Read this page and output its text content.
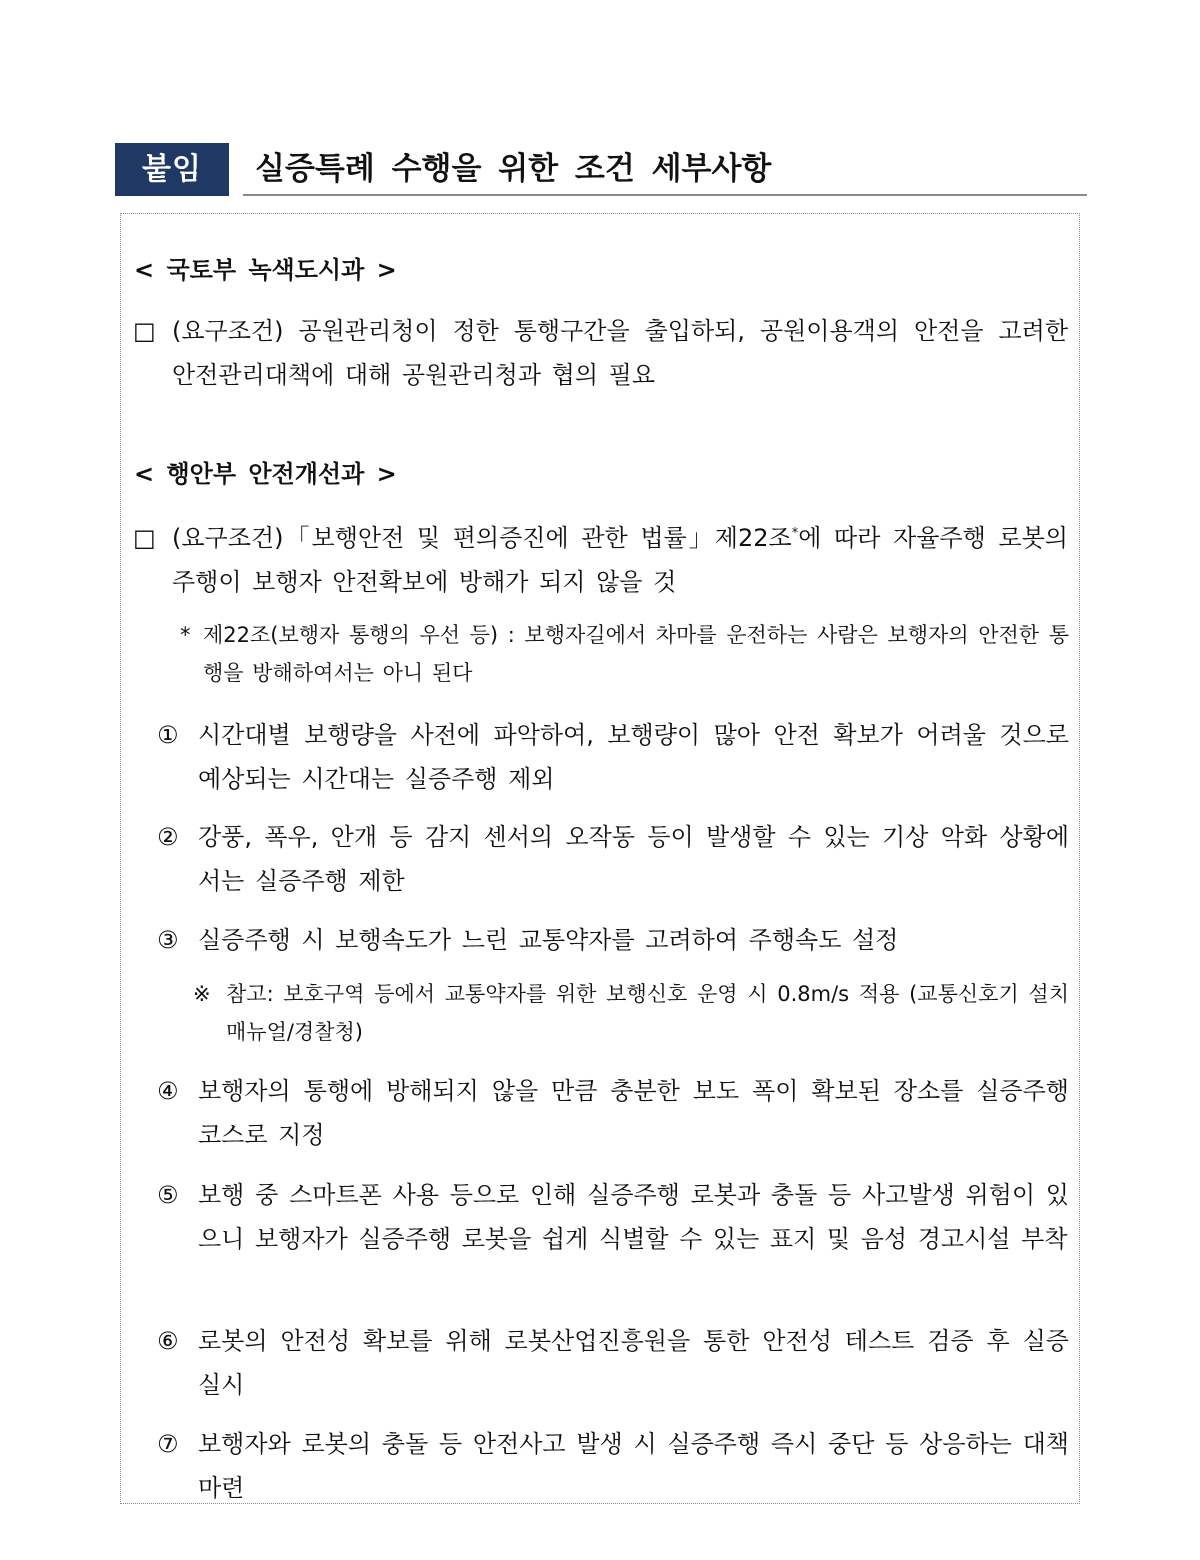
붙임	실증특례 수행을 위한 조건 세부사항
< 국토부 녹색도시과 >
□ (요구조건) 공원관리청이 정한 통행구간을 출입하되, 공원이용객의 안전을 고려한 안전관리대책에 대해 공원관리청과 협의 필요
< 행안부 안전개선과 >
□ (요구조건)「보행안전 및 편의증진에 관한 법률」제22조*에 따라 자율주행 로봇의 주행이 보행자 안전확보에 방해가 되지 않을 것
* 제22조(보행자 통행의 우선 등) : 보행자길에서 차마를 운전하는 사람은 보행자의 안전한 통행을 방해하여서는 아니 된다
① 시간대별 보행량을 사전에 파악하여, 보행량이 많아 안전 확보가 어려울 것으로 예상되는 시간대는 실증주행 제외
② 강풍, 폭우, 안개 등 감지 센서의 오작동 등이 발생할 수 있는 기상 악화 상황에서는 실증주행 제한
③ 실증주행 시 보행속도가 느린 교통약자를 고려하여 주행속도 설정
※ 참고: 보호구역 등에서 교통약자를 위한 보행신호 운영 시 0.8m/s 적용 (교통신호기 설치 매뉴얼/경찰청)
④ 보행자의 통행에 방해되지 않을 만큼 충분한 보도 폭이 확보된 장소를 실증주행 코스로 지정
⑤ 보행 중 스마트폰 사용 등으로 인해 실증주행 로봇과 충돌 등 사고발생 위험이 있으니 보행자가 실증주행 로봇을 쉽게 식별할 수 있는 표지 및 음성 경고시설 부착
⑥ 로봇의 안전성 확보를 위해 로봇산업진흥원을 통한 안전성 테스트 검증 후 실증 실시
⑦ 보행자와 로봇의 충돌 등 안전사고 발생 시 실증주행 즉시 중단 등 상응하는 대책 마련
